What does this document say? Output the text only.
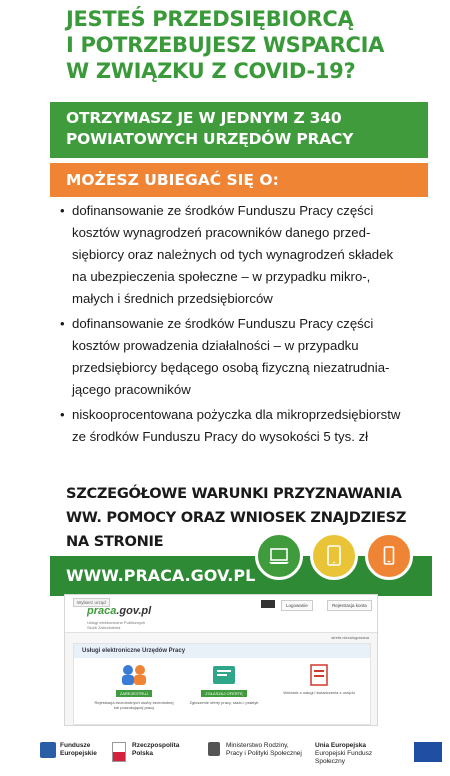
JESTEŚ PRZEDSIĘBIORCĄ
I POTRZEBUJESZ WSPARCIA
W ZWIĄZKU Z COVID-19?
OTRZYMASZ JE W JEDNYM Z 340
POWIATOWYCH URZĘDÓW PRACY
MOŻESZ UBIEGAĆ SIĘ O:
• dofinansowanie ze środków Funduszu Pracy części

kosztów wynagrodzeń pracowników danego przed-

siębiorcy oraz należnych od tych wynagrodzeń składek

na ubezpieczenia społeczne – w przypadku mikro-,

małych i średnich przedsiębiorców

• dofinansowanie ze środków Funduszu Pracy części

kosztów prowadzenia działalności – w przypadku

przedsiębiorcy będącego osobą fizyczną niezatrudnia-

jącego pracowników

• niskooprocentowana pożyczka dla mikroprzedsiębiorstw

ze środków Funduszu Pracy do wysokości 5 tys. zł

SZCZEGÓŁOWE WARUNKI PRZYZNAWANIA
WW. POMOCY ORAZ WNIOSEK ZNAJDZIESZ
NA STRONIE
WWW.PRACA.GOV.PL
Wybierz urząd
praca.gov.pl
Usługi elektroniczne Publicznych Służb Zatrudnienia
Logowanie	Rejestracja konta
strefa niezalogowana
Usługi elektroniczne Urzędów Pracy
ZAREJESTRUJ
Rejestracja bezrobotnych osoby bezrobotnej lub poszukującej pracy
ZGŁASZAJ OFERTĘ
Zgłoszenie oferty pracy, stażu i praktyk
Wniosek o usługi i świadczenia z urzędu
Fundusze
Europejskie
Rzeczpospolita
Polska
Ministerstwo Rodziny,
Pracy i Polityki Społecznej
Unia Europejska
Europejski Fundusz Społeczny
